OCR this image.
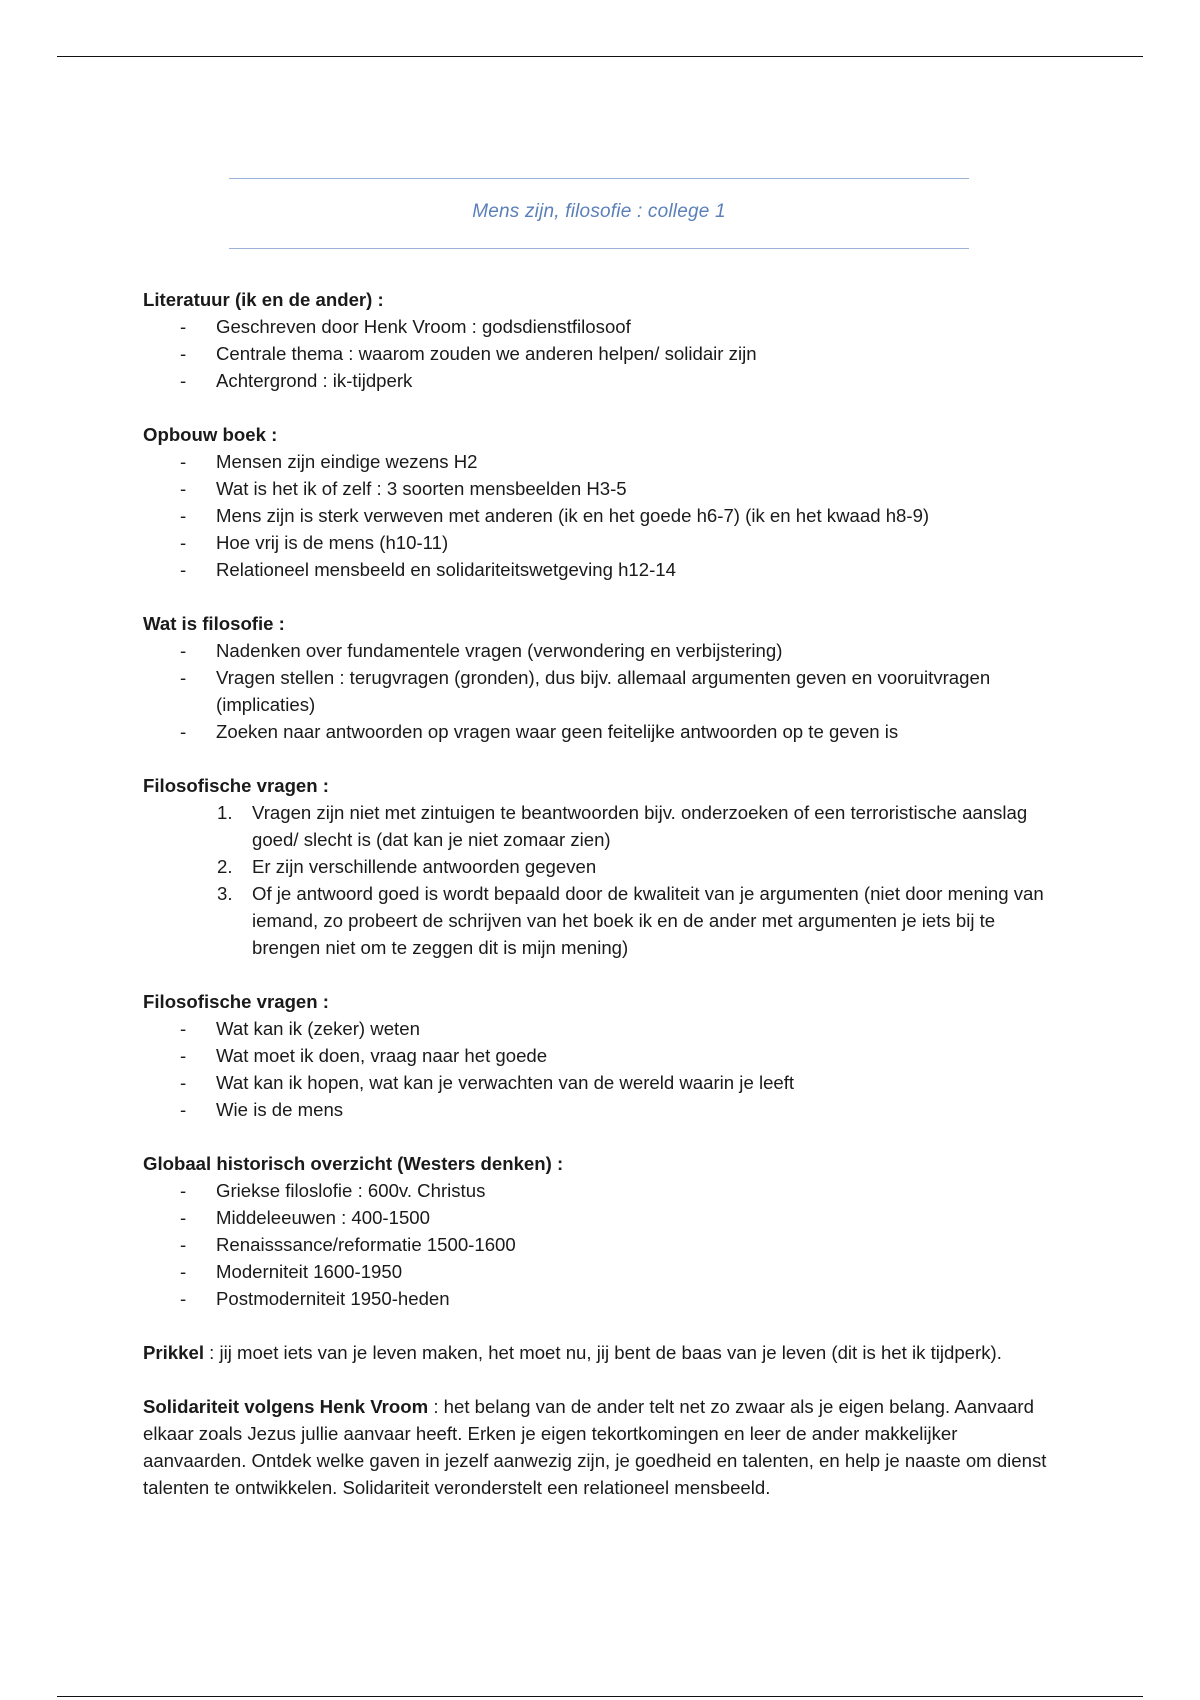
Mens zijn, filosofie : college 1
Literatuur (ik en de ander) :
- Geschreven door Henk Vroom : godsdienstfilosoof
- Centrale thema : waarom zouden we anderen helpen/ solidair zijn
- Achtergrond : ik-tijdperk
Opbouw boek :
- Mensen zijn eindige wezens H2
- Wat is het ik of zelf : 3 soorten mensbeelden H3-5
- Mens zijn is sterk verweven met anderen (ik en het goede h6-7) (ik en het kwaad h8-9)
- Hoe vrij is de mens (h10-11)
- Relationeel mensbeeld en solidariteitswetgeving h12-14
Wat is filosofie :
- Nadenken over fundamentele vragen (verwondering en verbijstering)
- Vragen stellen : terugvragen (gronden), dus bijv. allemaal argumenten geven en vooruitvragen (implicaties)
- Zoeken naar antwoorden op vragen waar geen feitelijke antwoorden op te geven is
Filosofische vragen :
1. Vragen zijn niet met zintuigen te beantwoorden bijv. onderzoeken of een terroristische aanslag goed/ slecht is (dat kan je niet zomaar zien)
2. Er zijn verschillende antwoorden gegeven
3. Of je antwoord goed is wordt bepaald door de kwaliteit van je argumenten (niet door mening van iemand, zo probeert de schrijven van het boek ik en de ander met argumenten je iets bij te brengen niet om te zeggen dit is mijn mening)
Filosofische vragen :
- Wat kan ik (zeker) weten
- Wat moet ik doen, vraag naar het goede
- Wat kan ik hopen, wat kan je verwachten van de wereld waarin je leeft
- Wie is de mens
Globaal historisch overzicht (Westers denken) :
- Griekse filoslofie : 600v. Christus
- Middeleeuwen : 400-1500
- Renaisssance/reformatie 1500-1600
- Moderniteit 1600-1950
- Postmoderniteit 1950-heden

Prikkel : jij moet iets van je leven maken, het moet nu, jij bent de baas van je leven (dit is het ik tijdperk).

Solidariteit volgens Henk Vroom : het belang van de ander telt net zo zwaar als je eigen belang. Aanvaard elkaar zoals Jezus jullie aanvaar heeft. Erken je eigen tekortkomingen en leer de ander makkelijker aanvaarden. Ontdek welke gaven in jezelf aanwezig zijn, je goedheid en talenten, en help je naaste om dienst talenten te ontwikkelen. Solidariteit veronderstelt een relationeel mensbeeld.
